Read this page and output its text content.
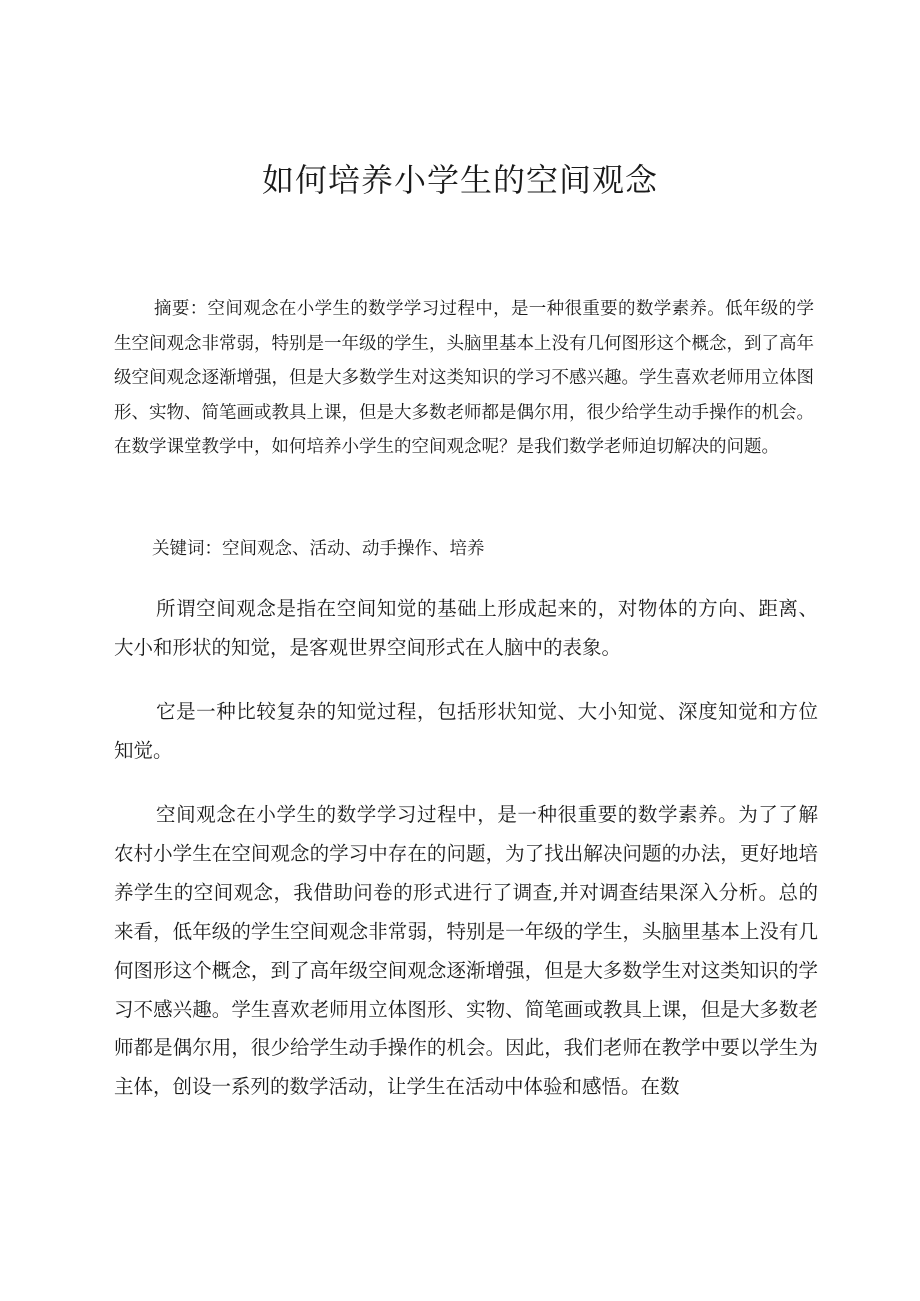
如何培养小学生的空间观念

摘要：空间观念在小学生的数学学习过程中，是一种很重要的数学素养。低年级的学生空间观念非常弱，特别是一年级的学生，头脑里基本上没有几何图形这个概念，到了高年级空间观念逐渐增强，但是大多数学生对这类知识的学习不感兴趣。学生喜欢老师用立体图形、实物、简笔画或教具上课，但是大多数老师都是偶尔用，很少给学生动手操作的机会。在数学课堂教学中，如何培养小学生的空间观念呢？是我们数学老师迫切解决的问题。

关键词：空间观念、活动、动手操作、培养

所谓空间观念是指在空间知觉的基础上形成起来的，对物体的方向、距离、大小和形状的知觉，是客观世界空间形式在人脑中的表象。

它是一种比较复杂的知觉过程，包括形状知觉、大小知觉、深度知觉和方位知觉。

空间观念在小学生的数学学习过程中，是一种很重要的数学素养。为了了解农村小学生在空间观念的学习中存在的问题，为了找出解决问题的办法，更好地培养学生的空间观念，我借助问卷的形式进行了调查,并对调查结果深入分析。总的来看，低年级的学生空间观念非常弱，特别是一年级的学生，头脑里基本上没有几何图形这个概念，到了高年级空间观念逐渐增强，但是大多数学生对这类知识的学习不感兴趣。学生喜欢老师用立体图形、实物、简笔画或教具上课，但是大多数老师都是偶尔用，很少给学生动手操作的机会。因此，我们老师在教学中要以学生为主体，创设一系列的数学活动，让学生在活动中体验和感悟。在数
